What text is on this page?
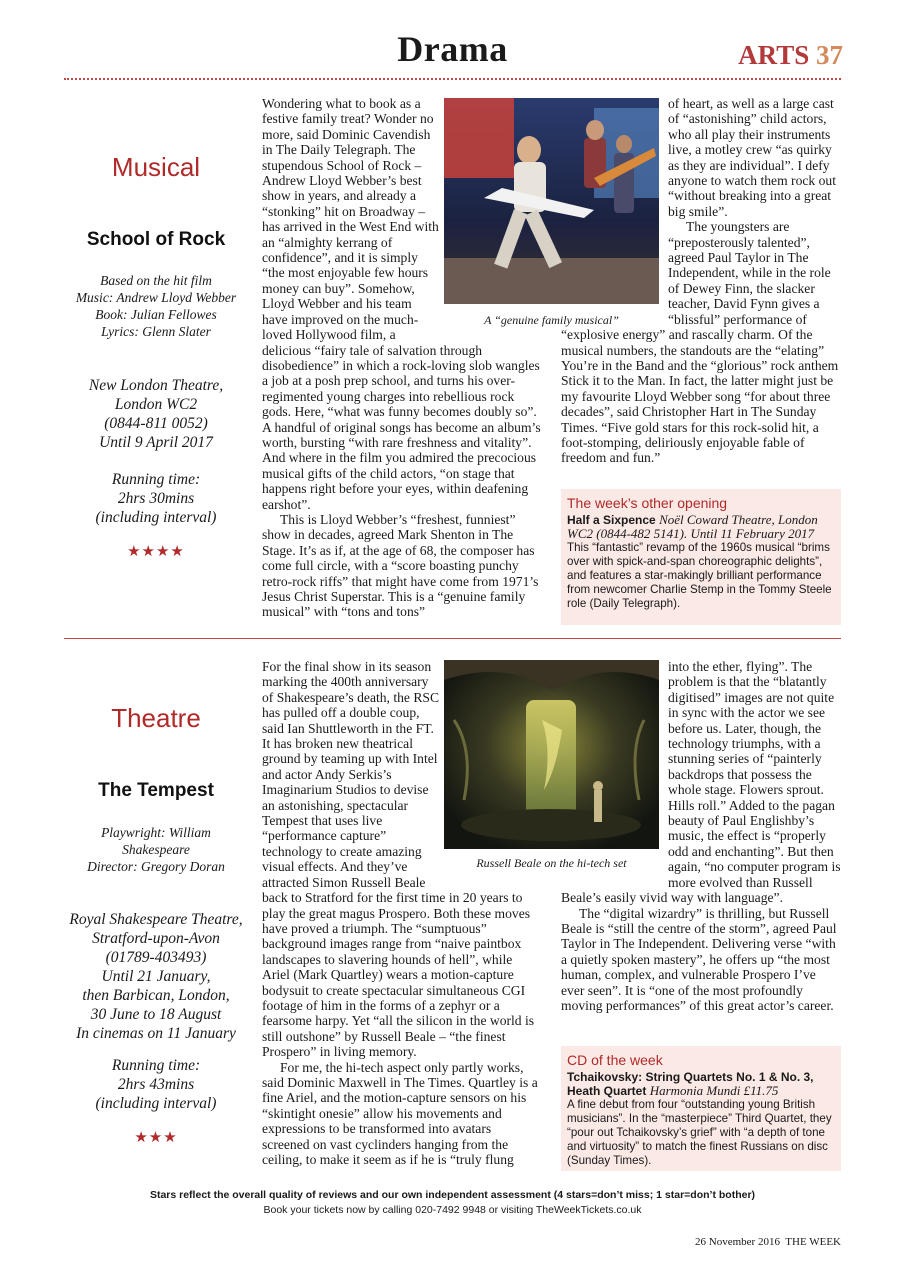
Drama	ARTS 37
Musical
School of Rock
Based on the hit film
Music: Andrew Lloyd Webber
Book: Julian Fellowes
Lyrics: Glenn Slater
New London Theatre,
London WC2
(0844-811 0052)
Until 9 April 2017
Running time:
2hrs 30mins
(including interval)
★★★★
A “genuine family musical”

Wondering what to book as a festive family treat? Wonder no more, said Dominic Cavendish in The Daily Telegraph. The stupendous School of Rock – Andrew Lloyd Webber’s best show in years, and already a “stonking” hit on Broadway – has arrived in the West End with an “almighty kerrang of confidence”, and it is simply “the most enjoyable few hours money can buy”. Somehow, Lloyd Webber and his team have improved on the much-loved Hollywood film, a delicious “fairy tale of salvation through disobedience” in which a rock-loving slob wangles a job at a posh prep school, and turns his over-regimented young charges into rebellious rock gods. Here, “what was funny becomes doubly so”. A handful of original songs has become an album’s worth, bursting “with rare freshness and vitality”. And where in the film you admired the precocious musical gifts of the child actors, “on stage that happens right before your eyes, within deafening earshot”.

This is Lloyd Webber’s “freshest, funniest” show in decades, agreed Mark Shenton in The Stage. It’s as if, at the age of 68, the composer has come full circle, with a “score boasting punchy retro-rock riffs” that might have come from 1971’s Jesus Christ Superstar. This is a “genuine family musical” with “tons and tons”

of heart, as well as a large cast of “astonishing” child actors, who all play their instruments live, a motley crew “as quirky as they are individual”. I defy anyone to watch them rock out “without breaking into a great big smile”.

The youngsters are “preposterously talented”, agreed Paul Taylor in The Independent, while in the role of Dewey Finn, the slacker teacher, David Fynn gives a “blissful” performance of “explosive energy” and rascally charm. Of the musical numbers, the standouts are the “elating” You’re in the Band and the “glorious” rock anthem Stick it to the Man. In fact, the latter might just be my favourite Lloyd Webber song “for about three decades”, said Christopher Hart in The Sunday Times. “Five gold stars for this rock-solid hit, a foot-stomping, deliriously enjoyable fable of freedom and fun.”

The week’s other opening
Half a Sixpence Noël Coward Theatre, London WC2 (0844-482 5141). Until 11 February 2017
This “fantastic” revamp of the 1960s musical “brims over with spick-and-span choreographic delights”, and features a star-makingly brilliant performance from newcomer Charlie Stemp in the Tommy Steele role (Daily Telegraph).
Theatre
The Tempest
Playwright: William
Shakespeare
Director: Gregory Doran
Royal Shakespeare Theatre,
Stratford-upon-Avon
(01789-403493)
Until 21 January,
then Barbican, London,
30 June to 18 August
In cinemas on 11 January
Running time:
2hrs 43mins
(including interval)
★★★
Russell Beale on the hi-tech set

For the final show in its season marking the 400th anniversary of Shakespeare’s death, the RSC has pulled off a double coup, said Ian Shuttleworth in the FT. It has broken new theatrical ground by teaming up with Intel and actor Andy Serkis’s Imaginarium Studios to devise an astonishing, spectacular Tempest that uses live “performance capture” technology to create amazing visual effects. And they’ve attracted Simon Russell Beale back to Stratford for the first time in 20 years to play the great magus Prospero. Both these moves have proved a triumph. The “sumptuous” background images range from “naive paintbox landscapes to slavering hounds of hell”, while Ariel (Mark Quartley) wears a motion-capture bodysuit to create spectacular simultaneous CGI footage of him in the forms of a zephyr or a fearsome harpy. Yet “all the silicon in the world is still outshone” by Russell Beale – “the finest Prospero” in living memory.

For me, the hi-tech aspect only partly works, said Dominic Maxwell in The Times. Quartley is a fine Ariel, and the motion-capture sensors on his “skintight onesie” allow his movements and expressions to be transformed into avatars screened on vast cyclinders hanging from the ceiling, to make it seem as if he is “truly flung

into the ether, flying”. The problem is that the “blatantly digitised” images are not quite in sync with the actor we see before us. Later, though, the technology triumphs, with a stunning series of “painterly backdrops that possess the whole stage. Flowers sprout. Hills roll.” Added to the pagan beauty of Paul Englishby’s music, the effect is “properly odd and enchanting”. But then again, “no computer program is more evolved than Russell Beale’s easily vivid way with language”.

The “digital wizardry” is thrilling, but Russell Beale is “still the centre of the storm”, agreed Paul Taylor in The Independent. Delivering verse “with a quietly spoken mastery”, he offers up “the most human, complex, and vulnerable Prospero I’ve ever seen”. It is “one of the most profoundly moving performances” of this great actor’s career.

CD of the week
Tchaikovsky: String Quartets No. 1 & No. 3, Heath Quartet Harmonia Mundi £11.75
A fine debut from four “outstanding young British musicians”. In the “masterpiece” Third Quartet, they “pour out Tchaikovsky’s grief” with “a depth of tone and virtuosity” to match the finest Russians on disc (Sunday Times).
Stars reflect the overall quality of reviews and our own independent assessment (4 stars=don’t miss; 1 star=don’t bother)
Book your tickets now by calling 020-7492 9948 or visiting TheWeekTickets.co.uk
26 November 2016 THE WEEK
